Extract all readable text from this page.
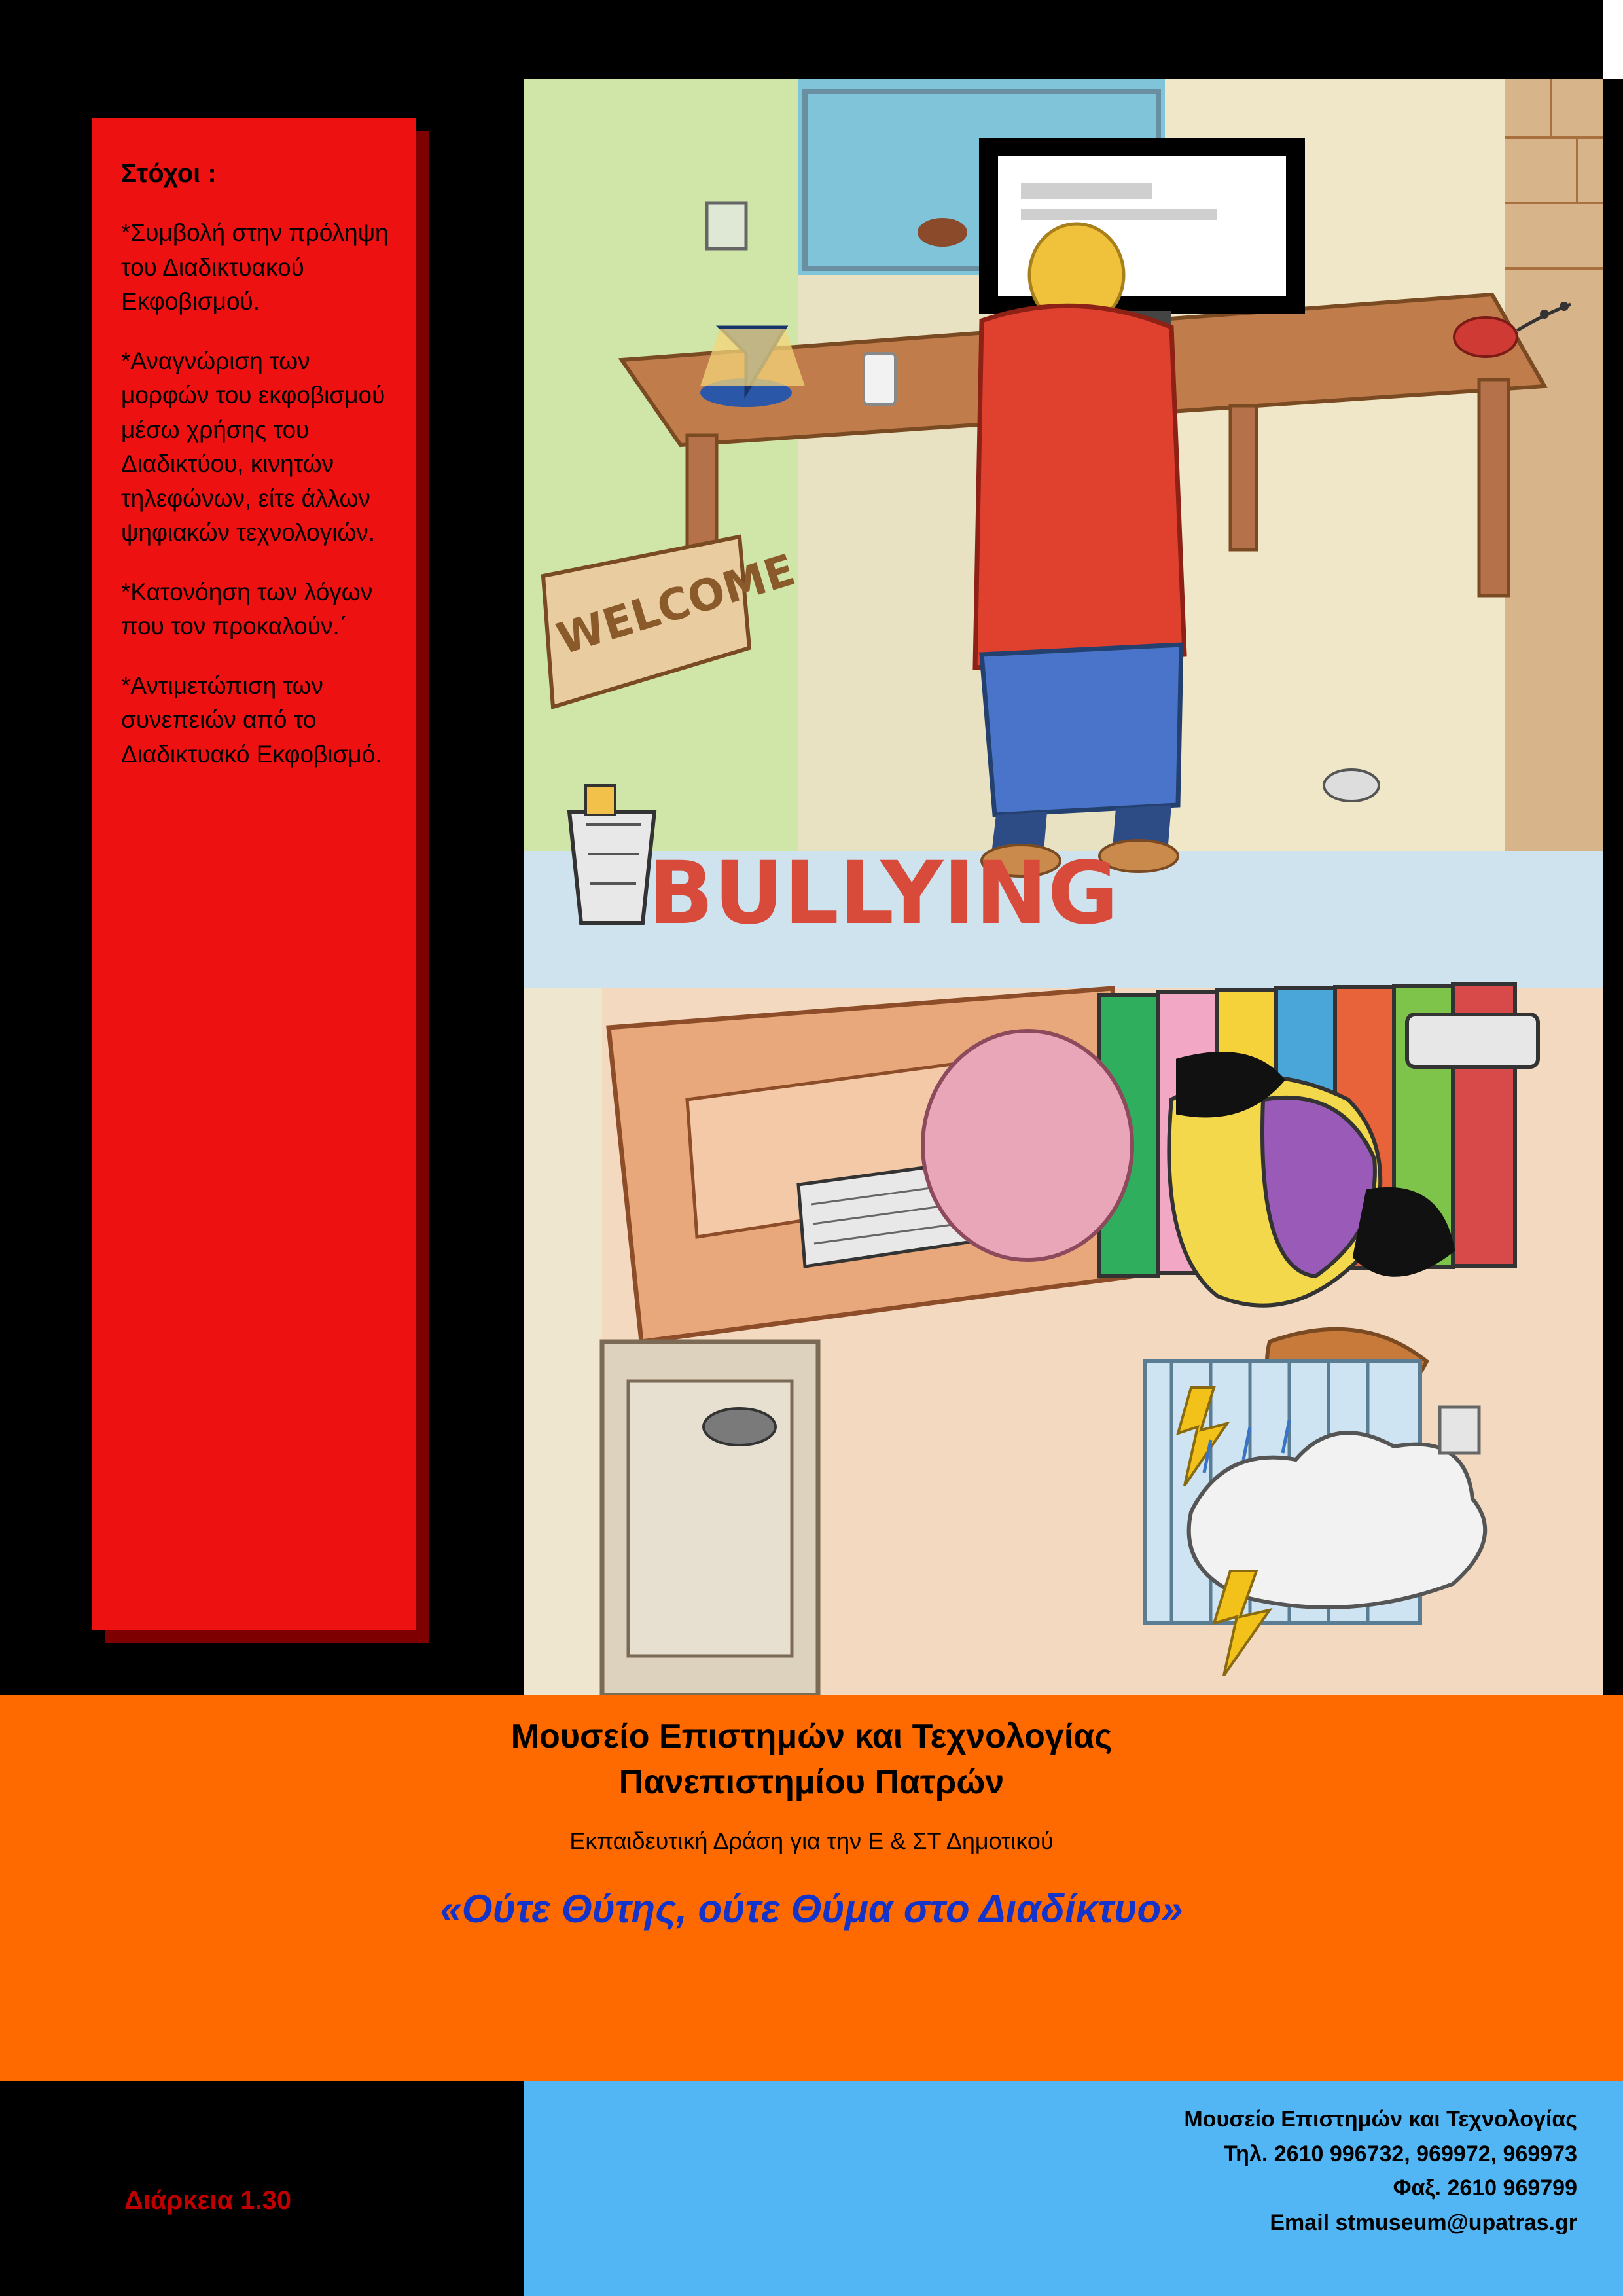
Στόχοι :

*Συμβολή στην πρόληψη του Διαδικτυακού Εκφοβισμού.

*Αναγνώριση των μορφών του εκφοβισμού μέσω χρήσης του Διαδικτύου, κινητών τηλεφώνων, είτε άλλων ψηφιακών τεχνολογιών.

*Κατονόηση των λόγων που τον προκαλούν.΄

*Αντιμετώπιση των συνεπειών από το Διαδικτυακό Εκφοβισμό.

WELCOME
BULLYING

Μουσείο Επιστημών και Τεχνολογίας

Πανεπιστημίου Πατρών

Εκπαιδευτική Δράση για την Ε & ΣΤ Δημοτικού

«Ούτε Θύτης, ούτε Θύμα στο Διαδίκτυο»

Διάρκεια 1.30
Μουσείο Επιστημών και Τεχνολογίας
Τηλ. 2610 996732, 969972, 969973
Φαξ. 2610 969799
Email stmuseum@upatras.gr
